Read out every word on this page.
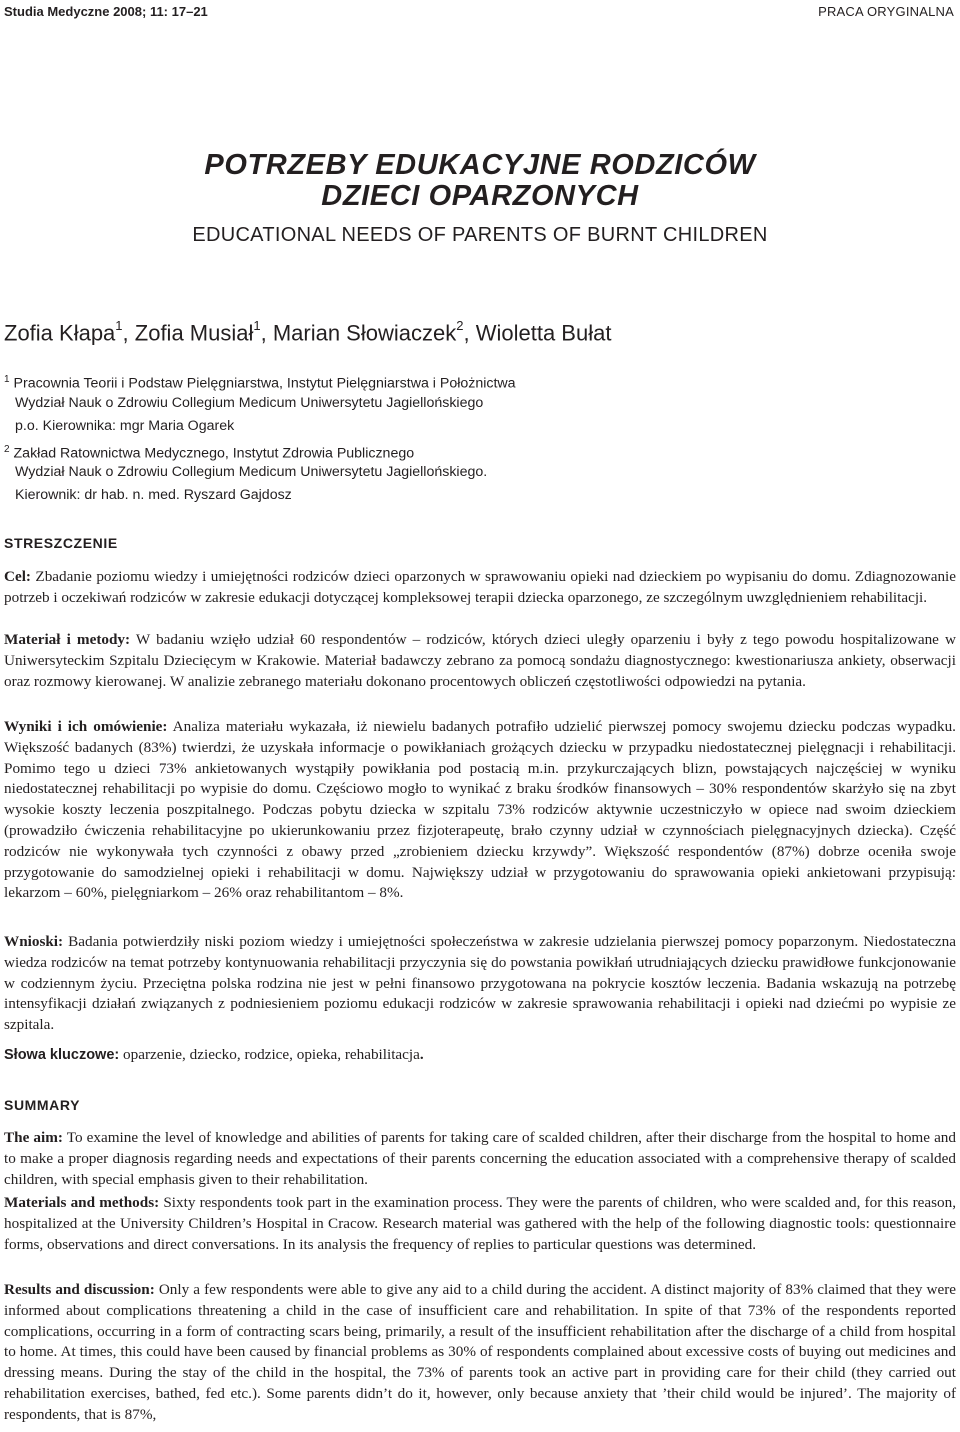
Studia Medyczne 2008; 11: 17–21	PRACA ORYGINALNA
POTRZEBY EDUKACYJNE RODZICÓW
DZIECI OPARZONYCH
EDUCATIONAL NEEDS OF PARENTS OF BURNT CHILDREN
Zofia Kłapa$^1$, Zofia Musiał$^1$, Marian Słowiaczek$^2$, Wioletta Bułat
$^1$ Pracownia Teorii i Podstaw Pielęgniarstwa, Instytut Pielęgniarstwa i Położnictwa
Wydział Nauk o Zdrowiu Collegium Medicum Uniwersytetu Jagiellońskiego
p.o. Kierownika: mgr Maria Ogarek
$^2$ Zakład Ratownictwa Medycznego, Instytut Zdrowia Publicznego
Wydział Nauk o Zdrowiu Collegium Medicum Uniwersytetu Jagiellońskiego.
Kierownik: dr hab. n. med. Ryszard Gajdosz
STRESZCZENIE
Cel: Zbadanie poziomu wiedzy i umiejętności rodziców dzieci oparzonych w sprawowaniu opieki nad dzieckiem po wypisaniu do domu. Zdiagnozowanie potrzeb i oczekiwań rodziców w zakresie edukacji dotyczącej kompleksowej terapii dziecka oparzonego, ze szczególnym uwzględnieniem rehabilitacji.
Materiał i metody: W badaniu wzięło udział 60 respondentów – rodziców, których dzieci uległy oparzeniu i były z tego powodu hospitalizowane w Uniwersyteckim Szpitalu Dziecięcym w Krakowie. Materiał badawczy zebrano za pomocą sondażu diagnostycznego: kwestionariusza ankiety, obserwacji oraz rozmowy kierowanej. W analizie zebranego materiału dokonano procentowych obliczeń częstotliwości odpowiedzi na pytania.
Wyniki i ich omówienie: Analiza materiału wykazała, iż niewielu badanych potrafiło udzielić pierwszej pomocy swojemu dziecku podczas wypadku. Większość badanych (83%) twierdzi, że uzyskała informacje o powikłaniach grożących dziecku w przypadku niedostatecznej pielęgnacji i rehabilitacji. Pomimo tego u dzieci 73% ankietowanych wystąpiły powikłania pod postacią m.in. przykurczających blizn, powstających najczęściej w wyniku niedostatecznej rehabilitacji po wypisie do domu. Częściowo mogło to wynikać z braku środków finansowych – 30% respondentów skarżyło się na zbyt wysokie koszty leczenia poszpitalnego. Podczas pobytu dziecka w szpitalu 73% rodziców aktywnie uczestniczyło w opiece nad swoim dzieckiem (prowadziło ćwiczenia rehabilitacyjne po ukierunkowaniu przez fizjoterapeutę, brało czynny udział w czynnościach pielęgnacyjnych dziecka). Część rodziców nie wykonywała tych czynności z obawy przed „zrobieniem dziecku krzywdy”. Większość respondentów (87%) dobrze oceniła swoje przygotowanie do samodzielnej opieki i rehabilitacji w domu. Największy udział w przygotowaniu do sprawowania opieki ankietowani przypisują: lekarzom – 60%, pielęgniarkom – 26% oraz rehabilitantom – 8%.
Wnioski: Badania potwierdziły niski poziom wiedzy i umiejętności społeczeństwa w zakresie udzielania pierwszej pomocy poparzonym. Niedostateczna wiedza rodziców na temat potrzeby kontynuowania rehabilitacji przyczynia się do powstania powikłań utrudniających dziecku prawidłowe funkcjonowanie w codziennym życiu. Przeciętna polska rodzina nie jest w pełni finansowo przygotowana na pokrycie kosztów leczenia. Badania wskazują na potrzebę intensyfikacji działań związanych z podniesieniem poziomu edukacji rodziców w zakresie sprawowania rehabilitacji i opieki nad dziećmi po wypisie ze szpitala.
Słowa kluczowe: oparzenie, dziecko, rodzice, opieka, rehabilitacja.
SUMMARY
The aim: To examine the level of knowledge and abilities of parents for taking care of scalded children, after their discharge from the hospital to home and to make a proper diagnosis regarding needs and expectations of their parents concerning the education associated with a comprehensive therapy of scalded children, with special emphasis given to their rehabilitation.
Materials and methods: Sixty respondents took part in the examination process. They were the parents of children, who were scalded and, for this reason, hospitalized at the University Children’s Hospital in Cracow. Research material was gathered with the help of the following diagnostic tools: questionnaire forms, observations and direct conversations. In its analysis the frequency of replies to particular questions was determined.
Results and discussion: Only a few respondents were able to give any aid to a child during the accident. A distinct majority of 83% claimed that they were informed about complications threatening a child in the case of insufficient care and rehabilitation. In spite of that 73% of the respondents reported complications, occurring in a form of contracting scars being, primarily, a result of the insufficient rehabilitation after the discharge of a child from hospital to home. At times, this could have been caused by financial problems as 30% of respondents complained about excessive costs of buying out medicines and dressing means. During the stay of the child in the hospital, the 73% of parents took an active part in providing care for their child (they carried out rehabilitation exercises, bathed, fed etc.). Some parents didn’t do it, however, only because anxiety that ’their child would be injured’. The majority of respondents, that is 87%,
